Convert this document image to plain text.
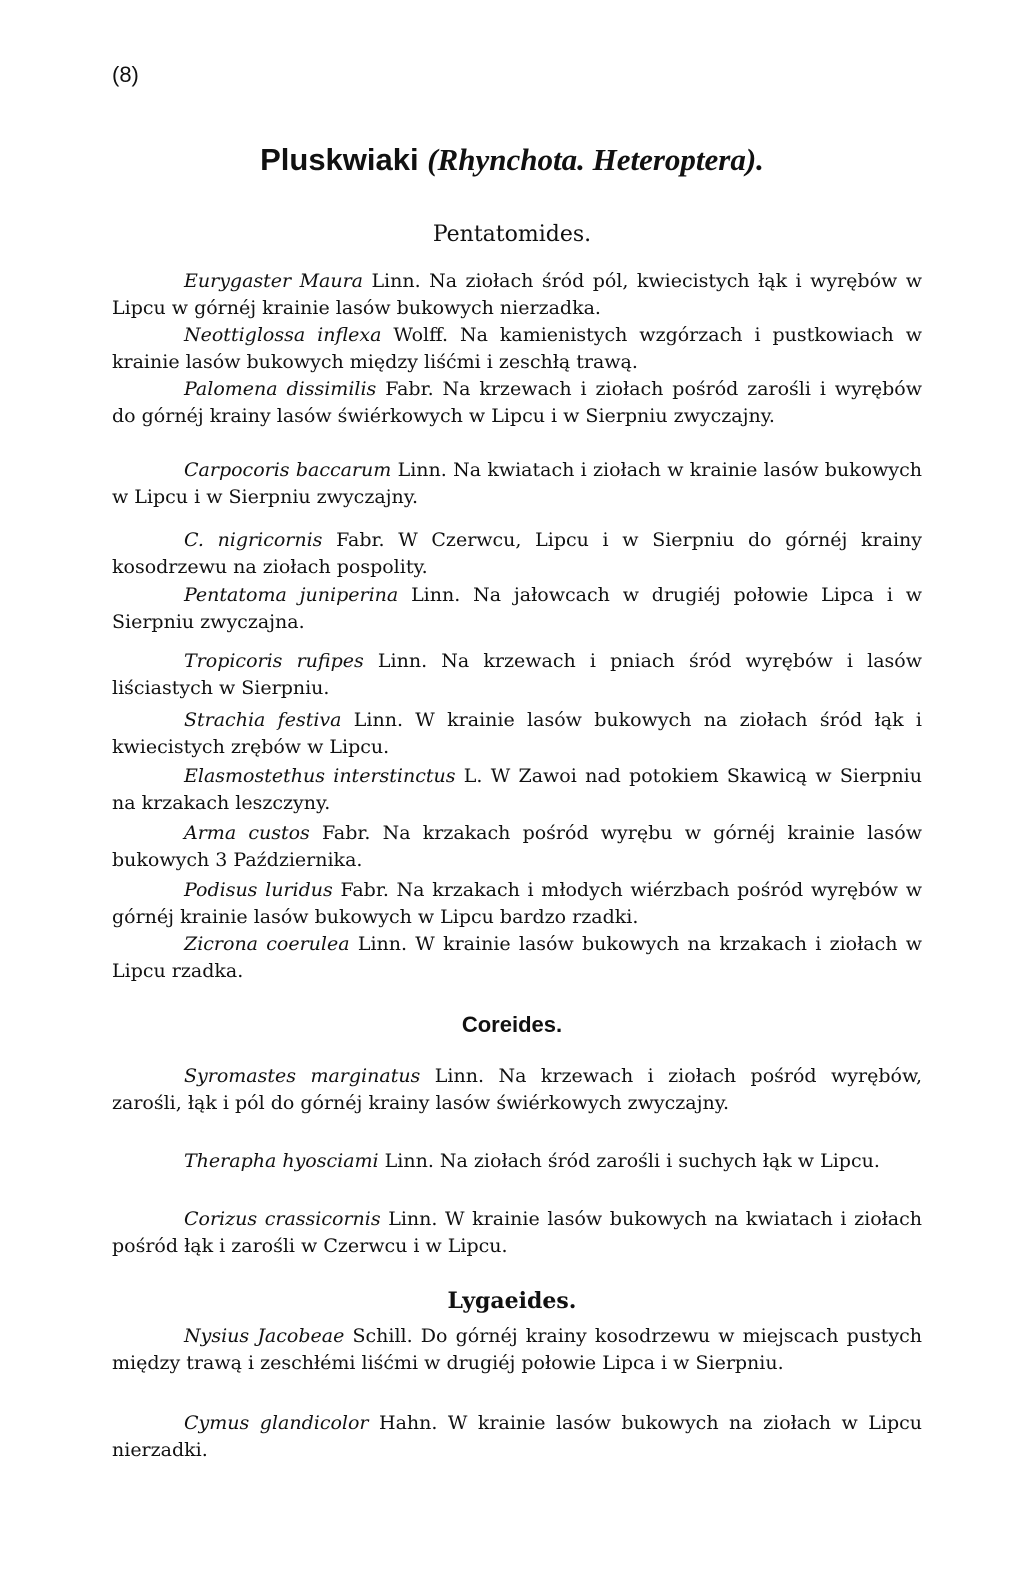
(8)
Pluskwiaki (Rhynchota. Heteroptera).
Pentatomides.

Eurygaster Maura Linn. Na ziołach śród pól, kwiecistych łąk i wyrębów w Lipcu w górnéj krainie lasów bukowych nierzadka.

Neottiglossa inflexa Wolff. Na kamienistych wzgórzach i pustkowiach w krainie lasów bukowych między liśćmi i zeschłą trawą.

Palomena dissimilis Fabr. Na krzewach i ziołach pośród zarośli i wyrębów do górnéj krainy lasów świérkowych w Lipcu i w Sierpniu zwyczajny.

Carpocoris baccarum Linn. Na kwiatach i ziołach w krainie lasów bukowych w Lipcu i w Sierpniu zwyczajny.

C. nigricornis Fabr. W Czerwcu, Lipcu i w Sierpniu do górnéj krainy kosodrzewu na ziołach pospolity.

Pentatoma juniperina Linn. Na jałowcach w drugiéj połowie Lipca i w Sierpniu zwyczajna.

Tropicoris rufipes Linn. Na krzewach i pniach śród wyrębów i lasów liściastych w Sierpniu.

Strachia festiva Linn. W krainie lasów bukowych na ziołach śród łąk i kwiecistych zrębów w Lipcu.

Elasmostethus interstinctus L. W Zawoi nad potokiem Skawicą w Sierpniu na krzakach leszczyny.

Arma custos Fabr. Na krzakach pośród wyrębu w górnéj krainie lasów bukowych 3 Października.

Podisus luridus Fabr. Na krzakach i młodych wiérzbach pośród wyrębów w górnéj krainie lasów bukowych w Lipcu bardzo rzadki.

Zicrona coerulea Linn. W krainie lasów bukowych na krzakach i ziołach w Lipcu rzadka.

Coreides.

Syromastes marginatus Linn. Na krzewach i ziołach pośród wyrębów, zarośli, łąk i pól do górnéj krainy lasów świérkowych zwyczajny.

Therapha hyosciami Linn. Na ziołach śród zarośli i suchych łąk w Lipcu.

Corizus crassicornis Linn. W krainie lasów bukowych na kwiatach i ziołach pośród łąk i zarośli w Czerwcu i w Lipcu.

Lygaeides.

Nysius Jacobeae Schill. Do górnéj krainy kosodrzewu w miejscach pustych między trawą i zeschłémi liśćmi w drugiéj połowie Lipca i w Sierpniu.

Cymus glandicolor Hahn. W krainie lasów bukowych na ziołach w Lipcu nierzadki.
